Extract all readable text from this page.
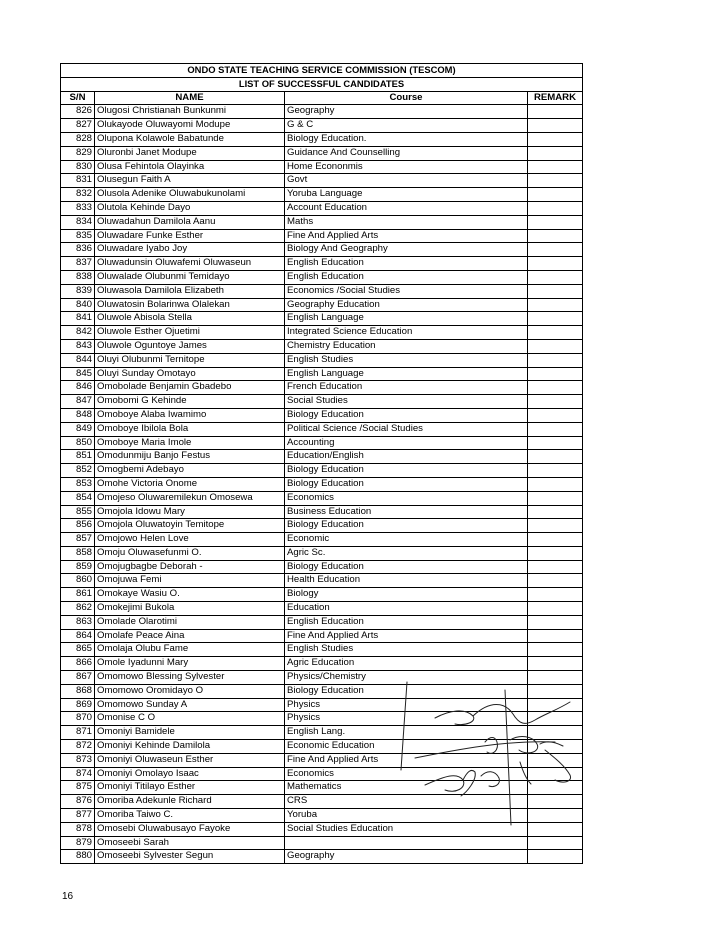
ONDO STATE TEACHING SERVICE COMMISSION (TESCOM)			
LIST OF SUCCESSFUL CANDIDATES			
S/N	NAME	Course	REMARK
826	Olugosi Christianah Bunkunmi	Geography	
827	Olukayode Oluwayomi Modupe	G & C	
828	Olupona Kolawole Babatunde	Biology Education.	
829	Oluronbi Janet Modupe	Guidance And Counselling	
830	Olusa Fehintola Olayinka	Home Econonmis	
831	Olusegun Faith A	Govt	
832	Olusola Adenike Oluwabukunolami	Yoruba Language	
833	Olutola Kehinde Dayo	Account Education	
834	Oluwadahun Damilola Aanu	Maths	
835	Oluwadare Funke Esther	Fine And Applied Arts	
836	Oluwadare Iyabo Joy	Biology And Geography	
837	Oluwadunsin Oluwafemi Oluwaseun	English Education	
838	Oluwalade Olubunmi Temidayo	English Education	
839	Oluwasola Damilola Elizabeth	Economics /Social Studies	
840	Oluwatosin Bolarinwa Olalekan	Geography Education	
841	Oluwole Abisola Stella	English Language	
842	Oluwole Esther Ojuetimi	Integrated Science Education	
843	Oluwole Oguntoye James	Chemistry Education	
844	Oluyi Olubunmi Ternitope	English Studies	
845	Oluyi Sunday Omotayo	English Language	
846	Omobolade Benjamin Gbadebo	French Education	
847	Omobomi G Kehinde	Social Studies	
848	Omoboye Alaba Iwamimo	Biology Education	
849	Omoboye Ibilola Bola	Political Science /Social Studies	
850	Omoboye Maria Imole	Accounting	
851	Omodunmiju Banjo Festus	Education/English	
852	Omogbemi Adebayo	Biology Education	
853	Omohe Victoria Onome	Biology Education	
854	Omojeso Oluwaremilekun Omosewa	Economics	
855	Omojola Idowu Mary	Business Education	
856	Omojola Oluwatoyin Temitope	Biology Education	
857	Omojowo Helen Love	Economic	
858	Omoju Oluwasefunmi O.	Agric Sc.	
859	Omojugbagbe Deborah -	Biology Education	
860	Omojuwa Femi	Health Education	
861	Omokaye Wasiu O.	Biology	
862	Omokejimi Bukola	Education	
863	Omolade Olarotimi	English Education	
864	Omolafe Peace Aina	Fine And Applied Arts	
865	Omolaja Olubu Fame	English Studies	
866	Omole Iyadunni Mary	Agric Education	
867	Omomowo Blessing Sylvester	Physics/Chemistry	
868	Omomowo Oromidayo O	Biology Education	
869	Omomowo Sunday A	Physics	
870	Omonise C O	Physics	
871	Omoniyi Bamidele	English Lang.	
872	Omoniyi Kehinde Damilola	Economic Education	
873	Omoniyi Oluwaseun Esther	Fine And Applied Arts	
874	Omoniyi Omolayo Isaac	Economics	
875	Omoniyi Titilayo Esther	Mathematics	
876	Omoriba Adekunle Richard	CRS	
877	Omoriba Taiwo C.	Yoruba	
878	Omosebi Oluwabusayo Fayoke	Social Studies Education	
879	Omoseebi Sarah		
880	Omoseebi Sylvester Segun	Geography	
16
